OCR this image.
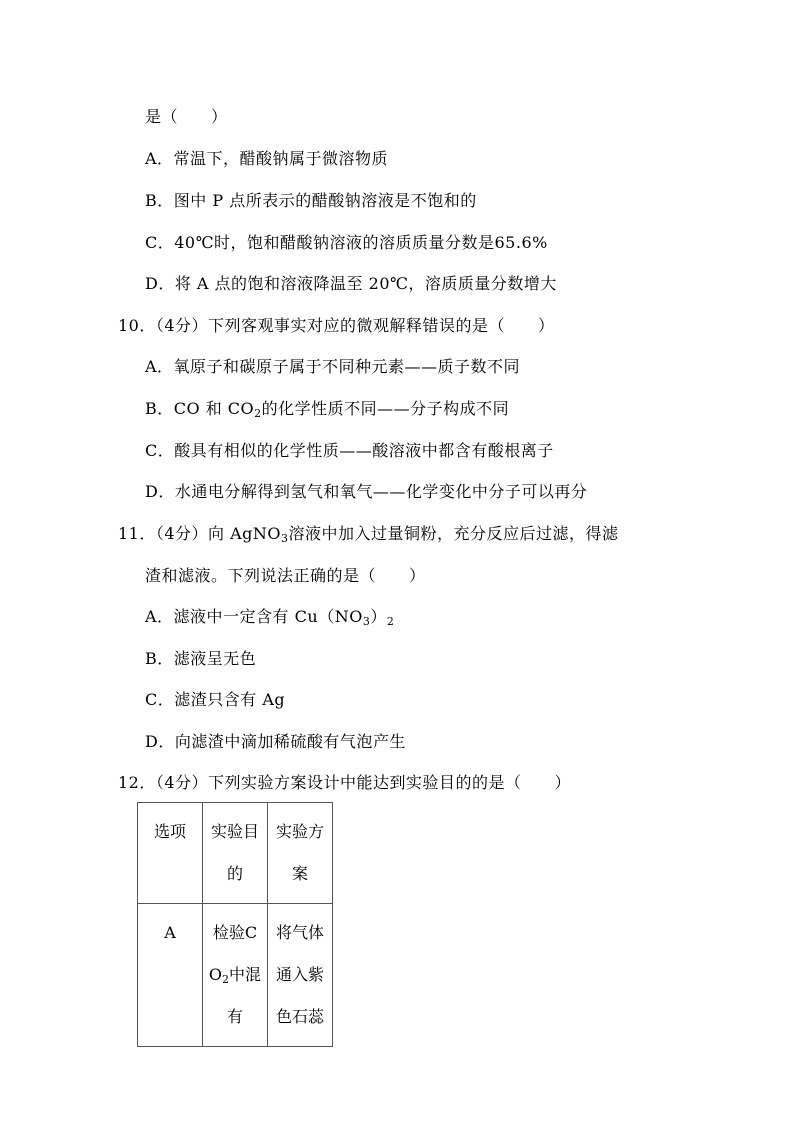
是（　　）
A．常温下，醋酸钠属于微溶物质
B．图中 P 点所表示的醋酸钠溶液是不饱和的
C．40℃时，饱和醋酸钠溶液的溶质质量分数是65.6%
D．将 A 点的饱和溶液降温至 20℃，溶质质量分数增大
10．（4分）下列客观事实对应的微观解释错误的是（　　）
A．氧原子和碳原子属于不同种元素——质子数不同
B．CO 和 $CO_2$的化学性质不同——分子构成不同
C．酸具有相似的化学性质——酸溶液中都含有酸根离子
D．水通电分解得到氢气和氧气——化学变化中分子可以再分
11．（4分）向 AgNO$_3$溶液中加入过量铜粉，充分反应后过滤，得滤
渣和滤液。下列说法正确的是（　　）
A．滤液中一定含有 $Cu(NO_3)_2$
B．滤液呈无色
C．滤渣只含有 Ag
D．向滤渣中滴加稀硫酸有气泡产生
12．（4分）下列实验方案设计中能达到实验目的的是（　　）
选项	实验目的	实验方案

A	检验$CO_2$中混有	将气体通入紫色石蕊
